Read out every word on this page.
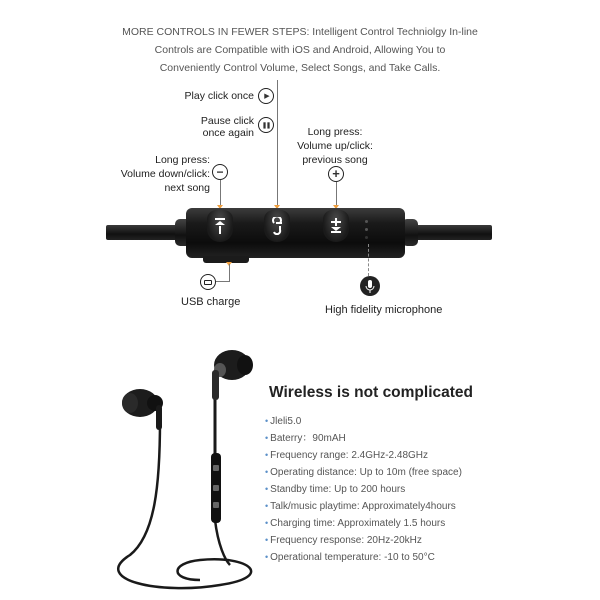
MORE CONTROLS IN FEWER STEPS: Intelligent Control Techniolgy In-line
Controls are Compatible with iOS and Android, Allowing You to
Conveniently Control Volume, Select Songs, and Take Calls.
Play click once ▶
Pause click
once again
❚❚
Long press:
Volume down/click:
next song
−
Long press:
Volume up/click:
previous song
+
USB charge
High fidelity microphone
Wireless is not complicated
• Jleli5.0
• Baterry：90mAH
• Frequency range: 2.4GHz-2.48GHz
• Operating distance: Up to 10m (free space)
• Standby time: Up to 200 hours
• Talk/music playtime: Approximately4hours
• Charging time: Approximately 1.5 hours
• Frequency response: 20Hz-20kHz
• Operational temperature: -10 to 50°C
